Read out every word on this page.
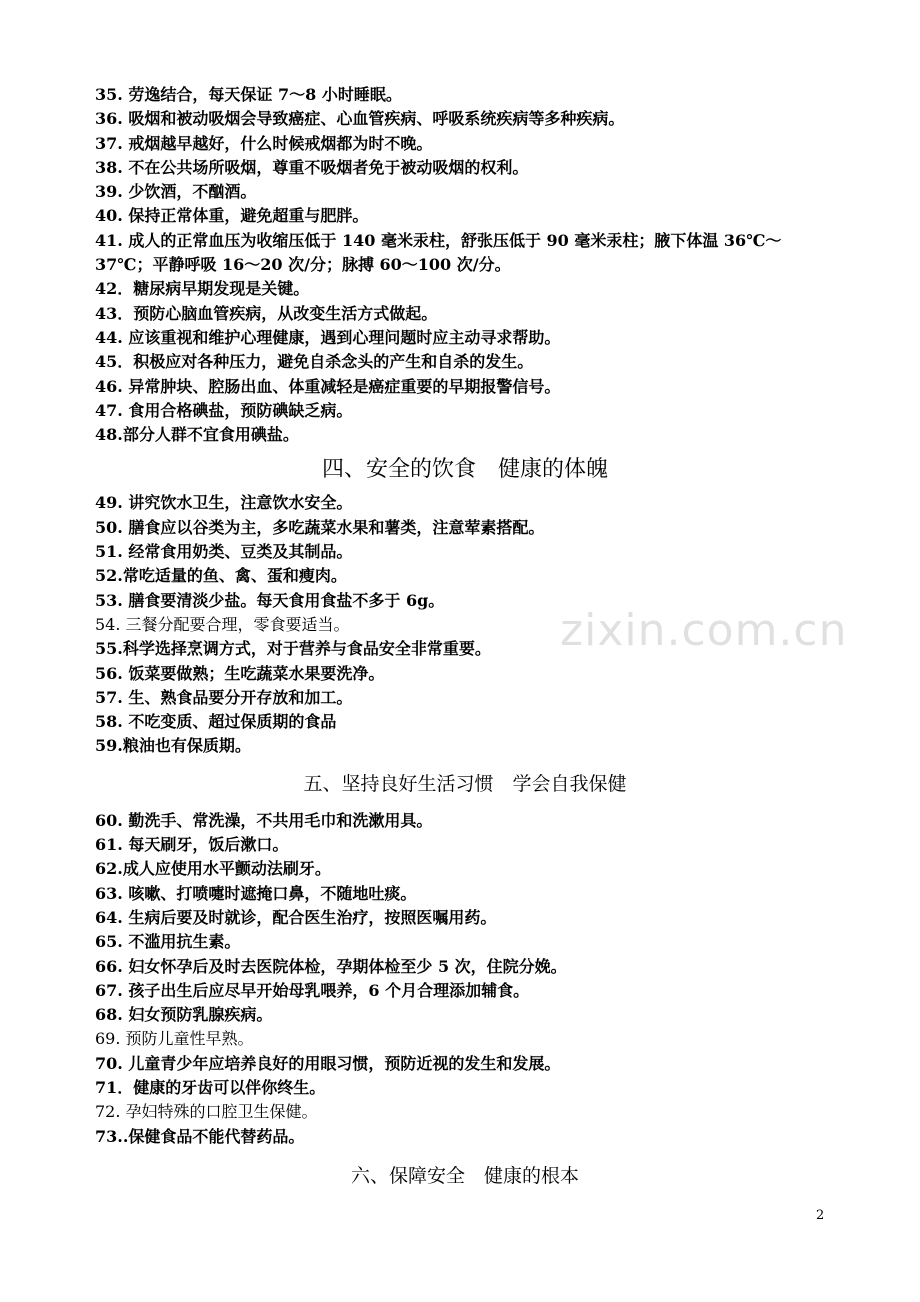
35. 劳逸结合，每天保证 7～8 小时睡眠。
36. 吸烟和被动吸烟会导致癌症、心血管疾病、呼吸系统疾病等多种疾病。
37. 戒烟越早越好，什么时候戒烟都为时不晚。
38. 不在公共场所吸烟，尊重不吸烟者免于被动吸烟的权利。
39. 少饮酒，不酗酒。
40. 保持正常体重，避免超重与肥胖。
41. 成人的正常血压为收缩压低于 140 毫米汞柱，舒张压低于 90 毫米汞柱；腋下体温 36℃～37℃；平静呼吸 16～20 次/分；脉搏 60～100 次/分。
42．糖尿病早期发现是关键。
43．预防心脑血管疾病，从改变生活方式做起。
44. 应该重视和维护心理健康，遇到心理问题时应主动寻求帮助。
45．积极应对各种压力，避免自杀念头的产生和自杀的发生。
46. 异常肿块、腔肠出血、体重减轻是癌症重要的早期报警信号。
47. 食用合格碘盐，预防碘缺乏病。
48.部分人群不宜食用碘盐。
四、安全的饮食　健康的体魄
49. 讲究饮水卫生，注意饮水安全。
50. 膳食应以谷类为主，多吃蔬菜水果和薯类，注意荤素搭配。
51. 经常食用奶类、豆类及其制品。
52.常吃适量的鱼、禽、蛋和瘦肉。
53. 膳食要清淡少盐。每天食用食盐不多于 6g。
54. 三餐分配要合理，零食要适当。
55.科学选择烹调方式，对于营养与食品安全非常重要。
56. 饭菜要做熟；生吃蔬菜水果要洗净。
57. 生、熟食品要分开存放和加工。
58. 不吃变质、超过保质期的食品
59.粮油也有保质期。
五、坚持良好生活习惯　学会自我保健
60. 勤洗手、常洗澡，不共用毛巾和洗漱用具。
61. 每天刷牙，饭后漱口。
62.成人应使用水平颤动法刷牙。
63. 咳嗽、打喷嚏时遮掩口鼻，不随地吐痰。
64. 生病后要及时就诊，配合医生治疗，按照医嘱用药。
65. 不滥用抗生素。
66. 妇女怀孕后及时去医院体检，孕期体检至少 5 次，住院分娩。
67. 孩子出生后应尽早开始母乳喂养，6 个月合理添加辅食。
68. 妇女预防乳腺疾病。
69. 预防儿童性早熟。
70. 儿童青少年应培养良好的用眼习惯，预防近视的发生和发展。
71．健康的牙齿可以伴你终生。
72. 孕妇特殊的口腔卫生保健。
73..保健食品不能代替药品。
六、保障安全　健康的根本
zixin.com.cn
2
